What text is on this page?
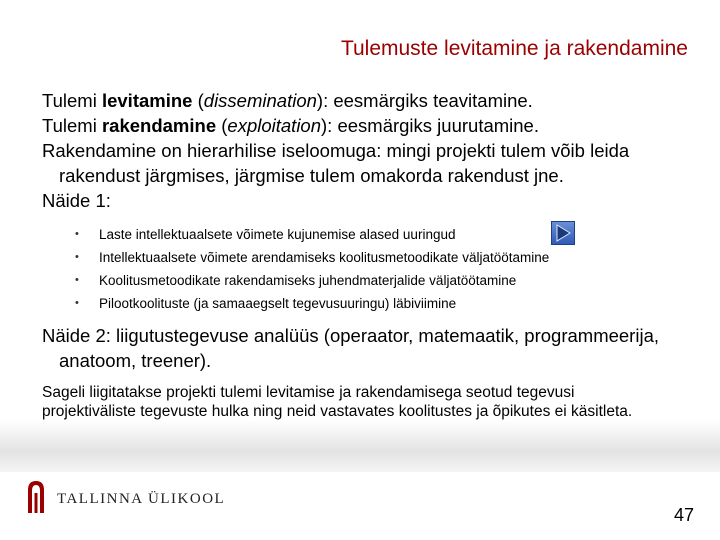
Tulemuste levitamine ja rakendamine
Tulemi levitamine (dissemination): eesmärgiks teavitamine.
Tulemi rakendamine (exploitation): eesmärgiks juurutamine.
Rakendamine on hierarhilise iseloomuga: mingi projekti tulem võib leida rakendust järgmises, järgmise tulem omakorda rakendust jne.
Näide 1:
• Laste intellektuaalsete võimete kujunemise alased uuringud
• Intellektuaalsete võimete arendamiseks koolitusmetoodikate väljatöötamine
• Koolitusmetoodikate rakendamiseks juhendmaterjalide väljatöötamine
• Pilootkoolituste (ja samaaegselt tegevusuuringu) läbiviimine
Näide 2: liigutustegevuse analüüs (operaator, matemaatik, programmeerija, anatoom, treener).
Sageli liigitatakse projekti tulemi levitamise ja rakendamisega seotud tegevusi projektiväliste tegevuste hulka ning neid vastavates koolitustes ja õpikutes ei käsitleta.
TALLINNA ÜLIKOOL
47
